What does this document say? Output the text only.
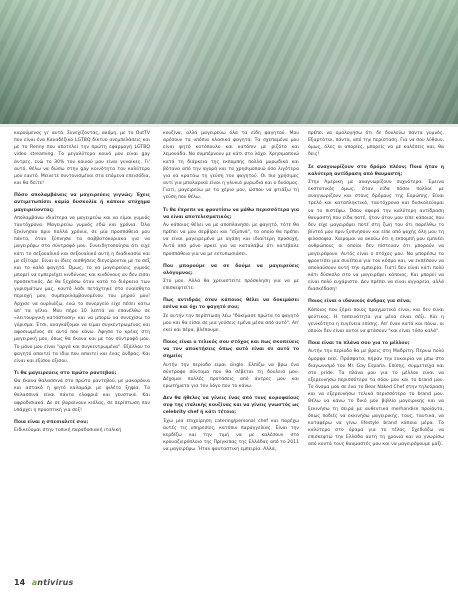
καρούμενος γι' αυτό. Συνεχίζοντας, ακόμη, με το OutTV που είναι ένα Καναδέζικο LGTBQ δίκτυο ανεμπελάσεις και με το Renny που αποτελεί την πρώτη εφαρμογή LGTBQ video streaming. Το μεγαλύτερο κοινό μου είναι gay άντρες, ενώ το 30% του κοινού μου είναι γυναίκες. Γι' αυτό, θέλω να δώσω στην gay κοινότητα τον καλύτερο μου εαυτό. Μείνετε συντονισμένοι στα επόμενα επεισόδια, και θα δείτε!

Πόσο απολαμβάνεις να μαγειρεύεις γιγνώς; Έχεις αντιμετωπίσει καμία δυσκολία ή κάποιο ατύχημα μαγειρεύοντας;

Απολαμβάνω ιδιαίτερα να μαγειρεύω και να είμαι γυμνός ταυτόχρονα. Μαγειρεύω γυμνός εδώ και χρόνια. Όλα ξεκίνησαν πριν πολλά χρόνια, σε μία προσπάθειά μου πάντα, όταν ξύπνησα τα σαββατοκύριακα για να μαγειρέψω στο σύντροφό μου. Συνειδητοποίησα ότι είχε κάτι το σεξουαλικό και σεξουαλικό αυτή η διαδικασία και με εξίταρε. Είναι οι ίδιες αισθήσεις διεγείρονται με το σεξ και το καλό φαγητό. Όμως, το να μαγειρεύεις γυμνός μπορεί να εμπεριέχει κινδύνους και κινδύνους αν δεν είσαι προσεκτικός. Δε θα ξεχάσω όταν κατά το διάρκεια των γυρισμάτων μας, καυτό λάδι πετάχτηκε στο ευαίσθητο περιοχή μου, συμπεριλαμβανομένου του μηρού μου! Άρχισε να ουρλιάζω, ενώ το συνεργείο είχε πέσει κάτω απ' τα γέλια. Μου πήρε 10 λεπτά να επανέλθω σε «λειτουργική κατάσταση» και να μπορώ να συνεχίσω το γύρισμα. Έτσι, αναγκάζομαι να είμαι συγκεντρωμένος και αφοσιωμένος σε αυτό που κάνω. Άφησα το κρέας στη μαγειρική μου, όπως θα έκανα και με τον σύντροφό μου. Το μόνο μου είναι "αργά και συγκεντρωμένα". Εξάλλου το φαγητό απαιτεί τα ίδια που απαιτεί και ένας άνδρας. Και είναι και εξίσου εξίσου.

Τι θα μαγειρεύεις στο πρώτο ραντεβού;

Θα έκανα θαλασσινά στο πρώτο ραντεβού, με μακαρόνια και αστακό ή ψητό καλαμάρι με φιλέτο ξηφία. Τα θαλασσινά είναι πάντα ελαφριά και γευστικά. Και αφροδισιακά. Δε σε βαραίνουν κιόλας, σε περίπτωση που υπάρχει η προοπτική για σεξ!

Ποια είναι η σπεσιαλιτέ σου;

Ειδικεύομαι στην τοπική παραδοσιακή ιταλική

κουζίνα, αλλά μαγειρεύω όλα τα είδη φαγητού. Μου αρέσουν τα υπόπια κλασικά φαγητά. Τα σχεπαμένα μου είναι ψητό κοτόπουλο και κατόπιν με ριζότο και λεμονάδα. Να συμπέρνουν με κάτι στο λόχο. Χρησιμοποιώ κατά τη διάρκεια της εκπομπής πολλά μυρωδικά και βότανα από την αγορά και τα χρησιμοποιώ όσο λιγότερα για να κρατάω τη γεύση του φαγητού. Οι πιο χρήσιμες αντί για μπαλαρικά είναι η γλυκιά μυρωδιά και ο δυόσμος. Γιατί, μαγειρεύω με τα χέρια μου, ώσπου να φτιάξω τη γεύση που θέλω.

Τι θα έπρεπε να φροντίσω να μάθω περισσότερα για να είναι αποτελεσματικός;

Αν κάποιος θέλει να με αποπλανήσει με φαγητό, τότε θα πρέπει να μου σερβίρει και "εξυπνά", το οποίο θα πρέπει να είναι μαγειρεμένο με αγάπη και ιδιαίτερη προσοχή. Αυτό από μόνο αρκεί για να καταλάβω ότι κατέβαλε προσπάθεια για να με εντυπωσιάσει.

Που μπορούμε να σε δούμε να μαγειρεύεις ολόγυμνος;

Στο μου. Αλλά θα χρειαστείτε πρόσκληση για να με επισκεφτείτε.

Πως αντιδράς όταν κάποιος θέλει να δοκιμάσει εσένα και όχι το φαγητό σου;

Σε αυτήν την περίπτωση λέω "δοκίμασε πρώτα το φαγητό μου και θα είσαι σε μια γεύσεις εμένα μέσα από αυτό". Απ' εκεί και πέρα, βλέπουμε.

Ποιος είναι ο τελικός σου στόχος και πως σκοπεύεις να τον αποκτήσεις όπως αυτό είναι σε αυτό το σημείο;

Αυτήν την περίοδο είμαι single. Ελπίζω να βρω ένα σύντροφο σύντομα που θα σέβεται τη δουλειά μου. Δέχομαι πολλές προτάσεις από άντρες μου και ερωτήματα για τον λόγο που το κάνω.

Δεν θα ήθελες να γίνεις ένας από τους κορυφαίους σεφ της ιταλικής κουζίνας και να γίνεις γνωστός ως celebrity chef ή κάτι τέτοιο;

Έχω μία επιχείρηση catering/personal chef και παρέχω αυτές τις υπηρεσίες, κατόπιν παραγγελίας. Είναι την κερδίζω και την τιμή να με καλέσουν στο κρουαζιερόπλοιο της Πρίγκιπας της Ελλάδας από το 2011 να μαγειρέψω. Ήταν φανταστική εμπειρία. Αλλά,

πρέπει να ομολογήσω ότι δε δουλεύω πάντα γυμνός. Εξαρτάται, πάντα, από την περίσταση. Για να σου λύθουν, όμως, όλες οι απορίες, μπορείς να με καλέσεις και, θα δεις!

Σε αναγνωρίζουν στο δρόμο πλέον; Ποια ήταν η καλύτερη αντίδραση από θαυμαστή;

Στην Αμερική με αναγνωρίζουν συχνότερα. Έμεινα εκστατικός όμως, όταν είδα πόσοι πολλοί με αναγνωρίζουν και στους δρόμους της Ευρώπης. Είναι τρελό και καταπληκτικό, ταυτόχρονα και δυσκολεύομαι να το πιστέψω. Όσον αφορά την καλύτερη αντίδραση θαυμαστή που είδα ποτέ, ήταν όταν μου είπε κάποιος που δεν είχε μαγειρέψει ποτέ στη ζωή του ότι παρέλθω το βίντεό μου πριν ξυπνήσουν και είπε από ψυχής όλη μου τη φιλοσοφία. Χαίρομαι να ακούω ότι η εκπομπή μου εμπνέει ανθρώπους οι οποίοι δεν πίστευαν ότι μπορούν να μαγειρέψουν. Αυτός είναι ο στόχος μου. Να μπορέσω τα φροντίσει μια συνέπεια για τον κόσμο και, να εκπέσουν να απολαύσουν αυτή την εμπειρία. Γιατί δεν είναι κάτι πολύ κάτι δύσκολο στο να μαγειρέψει κάποιος. Και μπορεί να είναι πολύ ευχάριστο. Δεν πρέπει να είναι αγγαρεία, αλλά διασκέδαση!

Ποιος είναι ο ιδανικός άνδρας για σένα;

Κάποιος που ξέρει ποιος πραγματικά είναι, και δεν είναι ψεύτικος. Η ταπεινότητα για μένα είναι σέξι. Και η γενικότητα η ευγένεια επίσης. Απ' έναν κατά και πάνω, οι οποίοι δεν είναι αυτοί να φτάσουν "και είναι τόσο καλά".

Ποια είναι τα πλάνα σου για το μέλλον;

Αυτήν την περίοδο θα με βρεις στη Μαδρίτη. Πέρνω πολύ όμορφα εκεί. Πρόσφατα, πήραν την ευκαιρία να μπω στο διαγωνισμό του Mr. Gay España. Επίσης, συμμετείχα και στο pride. Τα πλάνα μου για το μέλλον είναι να εξερευνήσω περισσότερο τα σόου μου και το brand μου. Το όνομα μου σε ένα το Bear Naked Chef στην τηλεόραση και να εξερευνήσω τελικά περισσότερο το brand μου. Θέλω να κάνω το δικό μου βιβλίο μαγειρικής και να ξεκινήσω τη σειρά με αυθεντικά merhandise προϊόντα, όπως ποδιές να εκκινήσω μαγειρικής, τους, ταυτικά, να καταφέρω να γίνω lifestyle brand κάποια μέρα. Το καλύτερο στο όραμα για το τέλος. Σχεδιάζω να επισκεφτώ την Ελλάδα αυτή τη χρονιά και να γνωρίσω από κοντά τους θαυμαστές μου και να μαγειρέψουμε μαζί.

14 antivirus
